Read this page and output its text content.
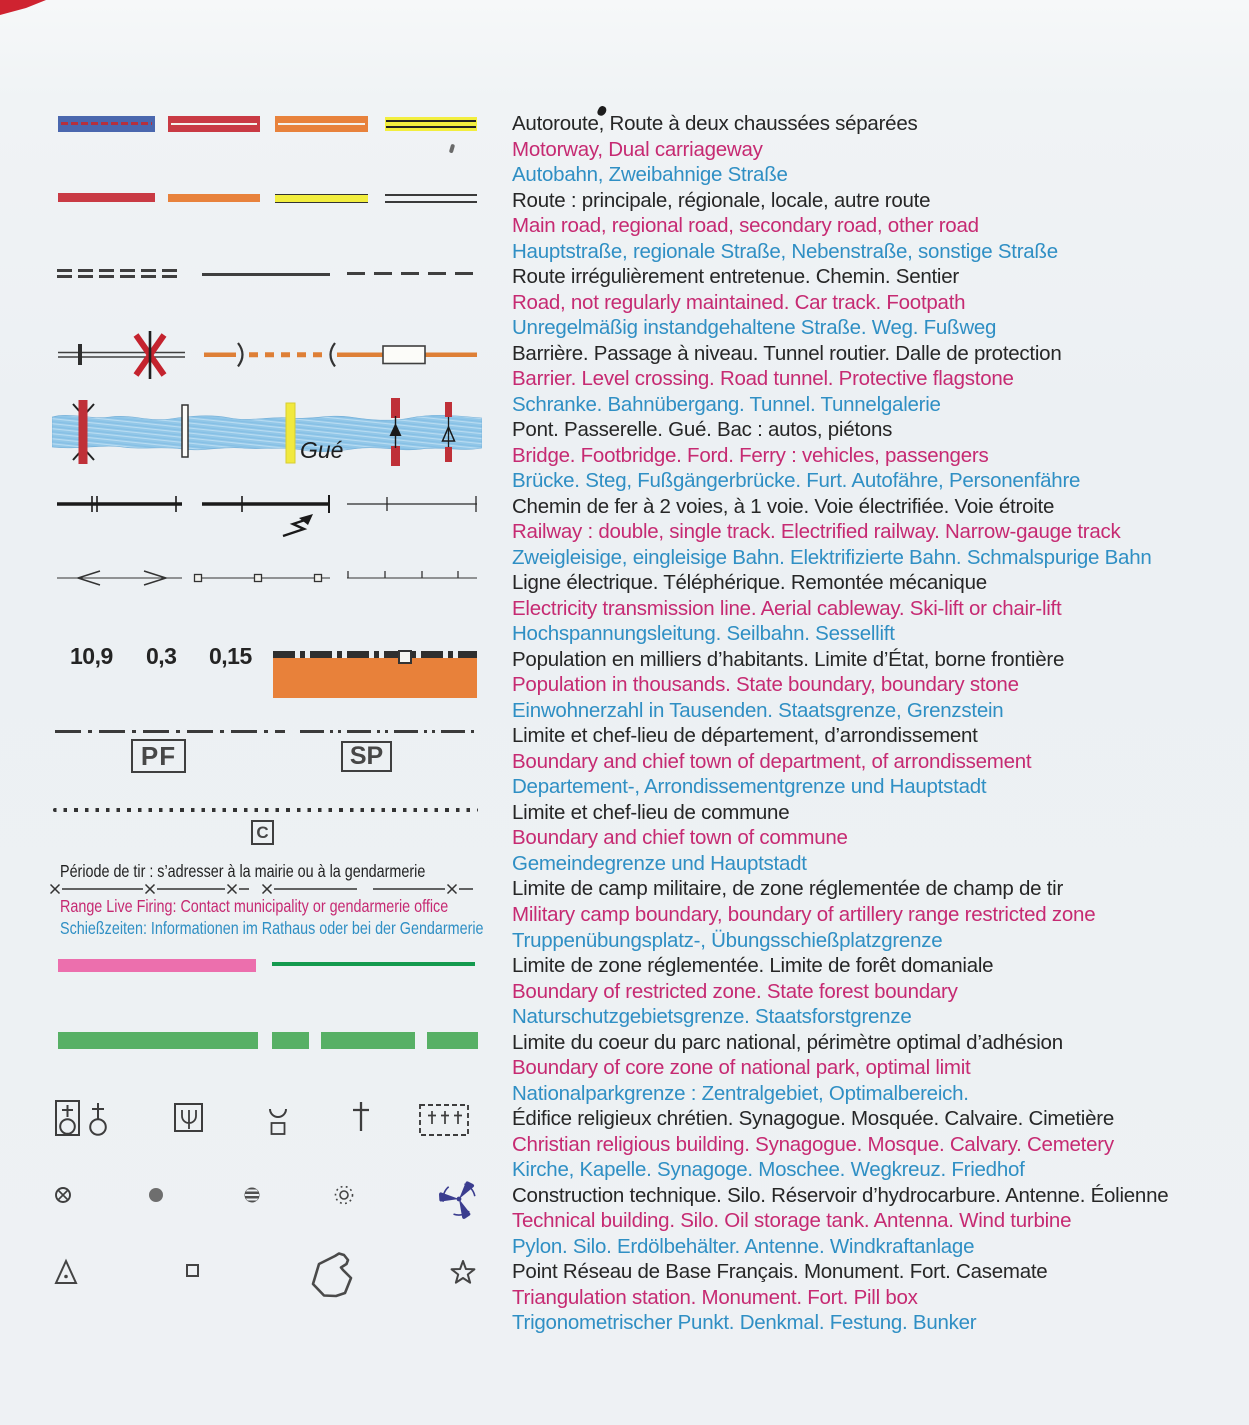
Gué
10,9 0,3 0,15
PF	SP
C
Période de tir : s’adresser à la mairie ou à la gendarmerie
Range Live Firing: Contact municipality or gendarmerie office
Schießzeiten: Informationen im Rathaus oder bei der Gendarmerie
Autoroute, Route à deux chaussées séparées
Motorway, Dual carriageway
Autobahn, Zweibahnige Straße
Route : principale, régionale, locale, autre route
Main road, regional road, secondary road, other road
Hauptstraße, regionale Straße, Nebenstraße, sonstige Straße
Route irrégulièrement entretenue. Chemin. Sentier
Road, not regularly maintained. Car track. Footpath
Unregelmäßig instandgehaltene Straße. Weg. Fußweg
Barrière. Passage à niveau. Tunnel routier. Dalle de protection
Barrier. Level crossing. Road tunnel. Protective flagstone
Schranke. Bahnübergang. Tunnel. Tunnelgalerie
Pont. Passerelle. Gué. Bac : autos, piétons
Bridge. Footbridge. Ford. Ferry : vehicles, passengers
Brücke. Steg, Fußgängerbrücke. Furt. Autofähre, Personenfähre
Chemin de fer à 2 voies, à 1 voie. Voie électrifiée. Voie étroite
Railway : double, single track. Electrified railway. Narrow-gauge track
Zweigleisige, eingleisige Bahn. Elektrifizierte Bahn. Schmalspurige Bahn
Ligne électrique. Téléphérique. Remontée mécanique
Electricity transmission line. Aerial cableway. Ski-lift or chair-lift
Hochspannungsleitung. Seilbahn. Sessellift
Population en milliers d’habitants. Limite d’État, borne frontière
Population in thousands. State boundary, boundary stone
Einwohnerzahl in Tausenden. Staatsgrenze, Grenzstein
Limite et chef-lieu de département, d’arrondissement
Boundary and chief town of department, of arrondissement
Departement-, Arrondissementgrenze und Hauptstadt
Limite et chef-lieu de commune
Boundary and chief town of commune
Gemeindegrenze und Hauptstadt
Limite de camp militaire, de zone réglementée de champ de tir
Military camp boundary, boundary of artillery range restricted zone
Truppenübungsplatz-, Übungsschießplatzgrenze
Limite de zone réglementée. Limite de forêt domaniale
Boundary of restricted zone. State forest boundary
Naturschutzgebietsgrenze. Staatsforstgrenze
Limite du coeur du parc national, périmètre optimal d’adhésion
Boundary of core zone of national park, optimal limit
Nationalparkgrenze : Zentralgebiet, Optimalbereich.
Édifice religieux chrétien. Synagogue. Mosquée. Calvaire. Cimetière
Christian religious building. Synagogue. Mosque. Calvary. Cemetery
Kirche, Kapelle. Synagoge. Moschee. Wegkreuz. Friedhof
Construction technique. Silo. Réservoir d’hydrocarbure. Antenne. Éolienne
Technical building. Silo. Oil storage tank. Antenna. Wind turbine
Pylon. Silo. Erdölbehälter. Antenne. Windkraftanlage
Point Réseau de Base Français. Monument. Fort. Casemate
Triangulation station. Monument. Fort. Pill box
Trigonometrischer Punkt. Denkmal. Festung. Bunker
